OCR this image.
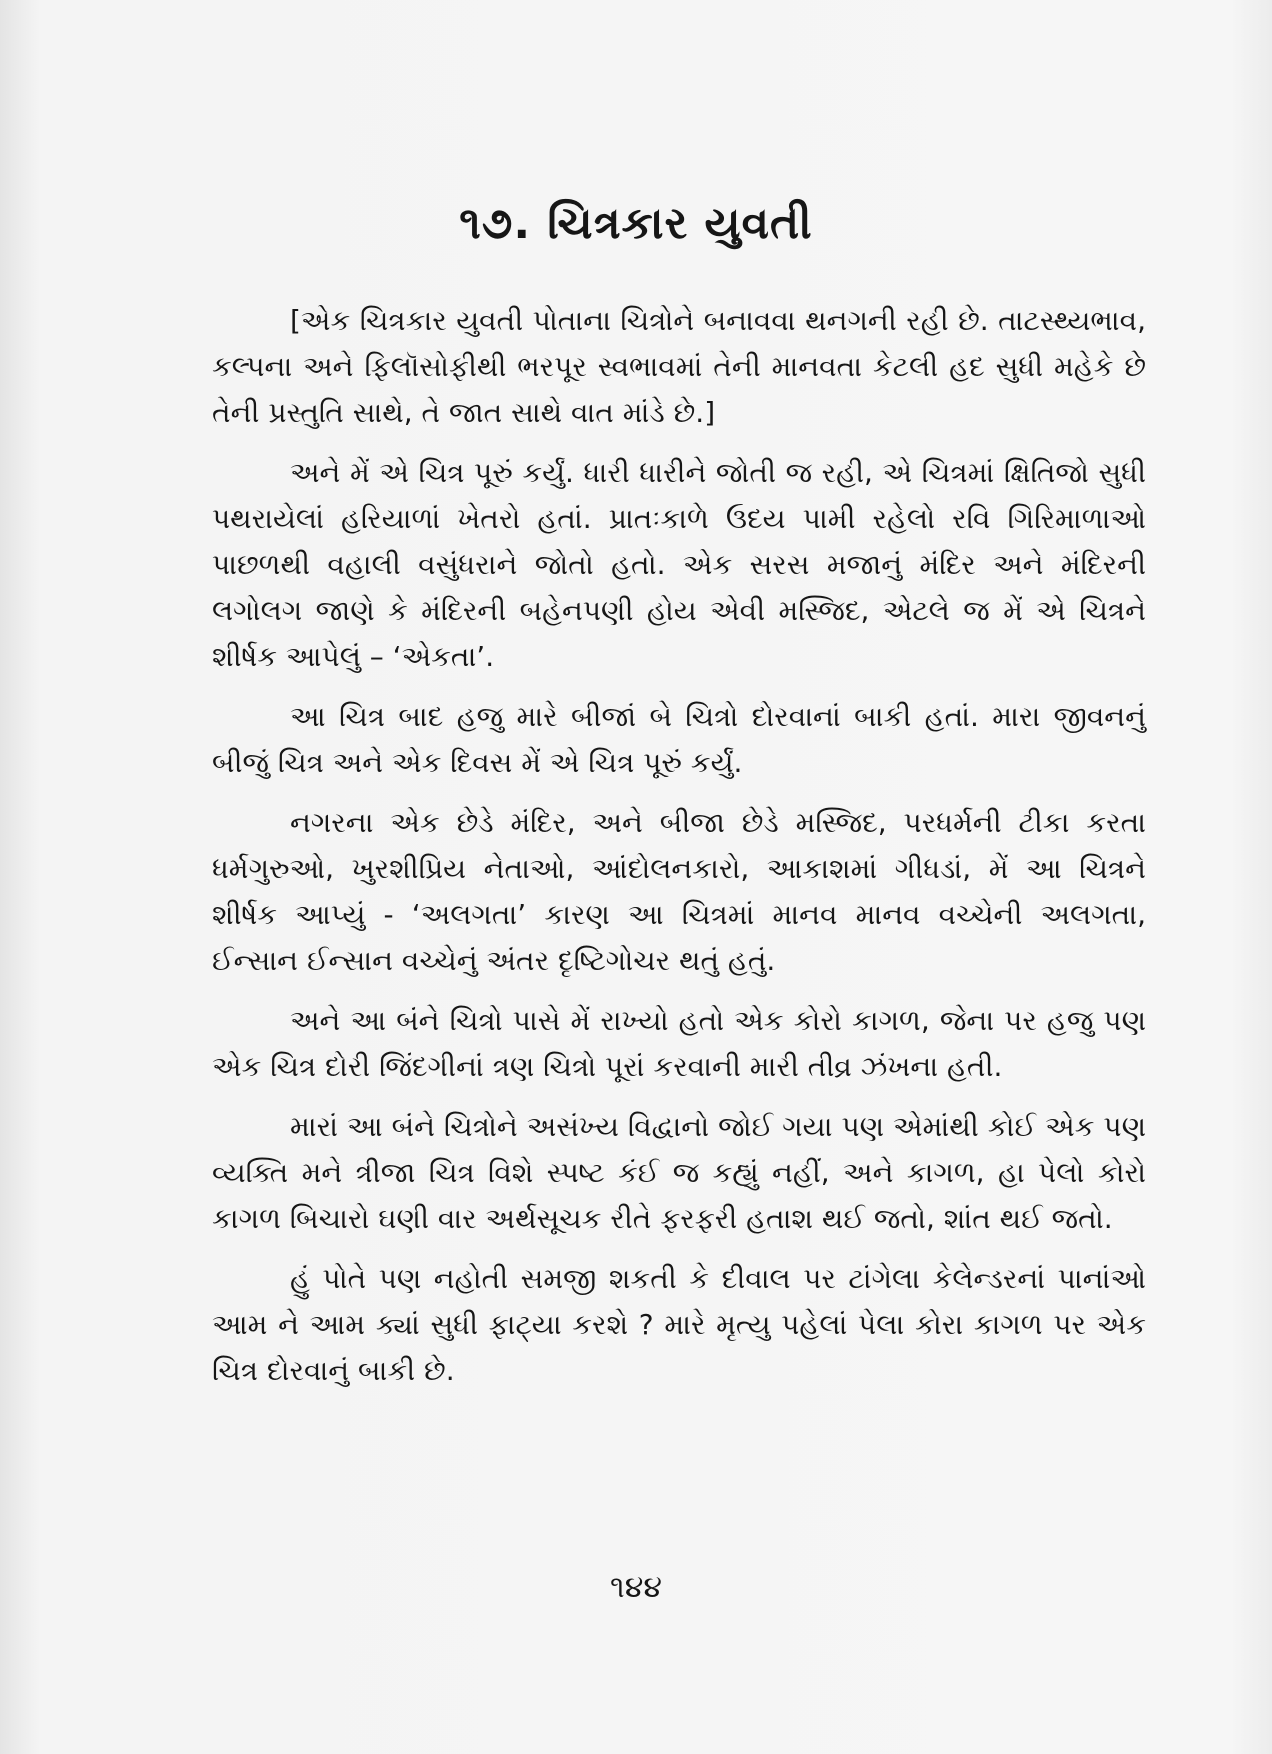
૧૭. ચિત્રકાર યુવતી

[એક ચિત્રકાર યુવતી પોતાના ચિત્રોને બનાવવા થનગની રહી છે. તાટસ્થ્યભાવ, કલ્પના અને ફિલૉસોફીથી ભરપૂર સ્વભાવમાં તેની માનવતા કેટલી હદ સુધી મહેકે છે તેની પ્રસ્તુતિ સાથે, તે જાત સાથે વાત માંડે છે.]

અને મેં એ ચિત્ર પૂરું કર્યું. ધારી ધારીને જોતી જ રહી, એ ચિત્રમાં ક્ષિતિજો સુધી પથરાયેલાં હરિયાળાં ખેતરો હતાં. પ્રાતઃકાળે ઉદય પામી રહેલો રવિ ગિરિમાળાઓ પાછળથી વહાલી વસુંધરાને જોતો હતો. એક સરસ મજાનું મંદિર અને મંદિરની લગોલગ જાણે કે મંદિરની બહેનપણી હોય એવી મસ્જિદ, એટલે જ મેં એ ચિત્રને શીર્ષક આપેલું – ‘એકતા’.

આ ચિત્ર બાદ હજુ મારે બીજાં બે ચિત્રો દોરવાનાં બાકી હતાં. મારા જીવનનું બીજું ચિત્ર અને એક દિવસ મેં એ ચિત્ર પૂરું કર્યું.

નગરના એક છેડે મંદિર, અને બીજા છેડે મસ્જિદ, પરધર્મની ટીકા કરતા ધર્મગુરુઓ, ખુરશીપ્રિય નેતાઓ, આંદોલનકારો, આકાશમાં ગીધડાં, મેં આ ચિત્રને શીર્ષક આપ્યું - ‘અલગતા’ કારણ આ ચિત્રમાં માનવ માનવ વચ્ચેની અલગતા, ઈન્સાન ઈન્સાન વચ્ચેનું અંતર દૃષ્ટિગોચર થતું હતું.

અને આ બંને ચિત્રો પાસે મેં રાખ્યો હતો એક કોરો કાગળ, જેના પર હજુ પણ એક ચિત્ર દોરી જિંદગીનાં ત્રણ ચિત્રો પૂરાં કરવાની મારી તીવ્ર ઝંખના હતી.

મારાં આ બંને ચિત્રોને અસંખ્ય વિદ્વાનો જોઈ ગયા પણ એમાંથી કોઈ એક પણ વ્યક્તિ મને ત્રીજા ચિત્ર વિશે સ્પષ્ટ કંઈ જ કહ્યું નહીં, અને કાગળ, હા પેલો કોરો કાગળ બિચારો ઘણી વાર અર્થસૂચક રીતે ફરફરી હતાશ થઈ જતો, શાંત થઈ જતો.

હું પોતે પણ નહોતી સમજી શકતી કે દીવાલ પર ટાંગેલા કેલેન્ડરનાં પાનાંઓ આમ ને આમ ક્યાં સુધી ફાટ્યા કરશે ? મારે મૃત્યુ પહેલાં પેલા કોરા કાગળ પર એક ચિત્ર દોરવાનું બાકી છે.

૧૪૪
